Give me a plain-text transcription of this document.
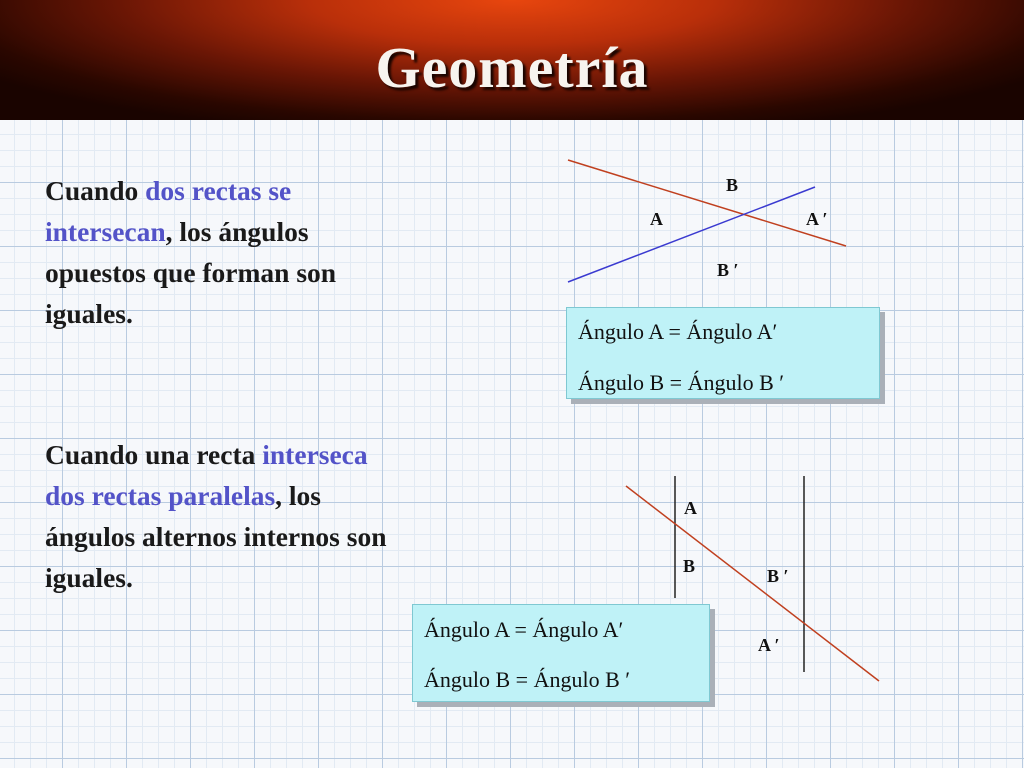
Geometría

Cuando dos rectas se intersecan, los ángulos opuestos que forman son iguales.

Cuando una recta interseca dos rectas paralelas, los ángulos alternos internos son iguales.

B
A	A ′
B ′
A
B	B ′
A ′
Ángulo A = Ángulo A′
Ángulo B = Ángulo B ′
Ángulo A = Ángulo A′
Ángulo B = Ángulo B ′
